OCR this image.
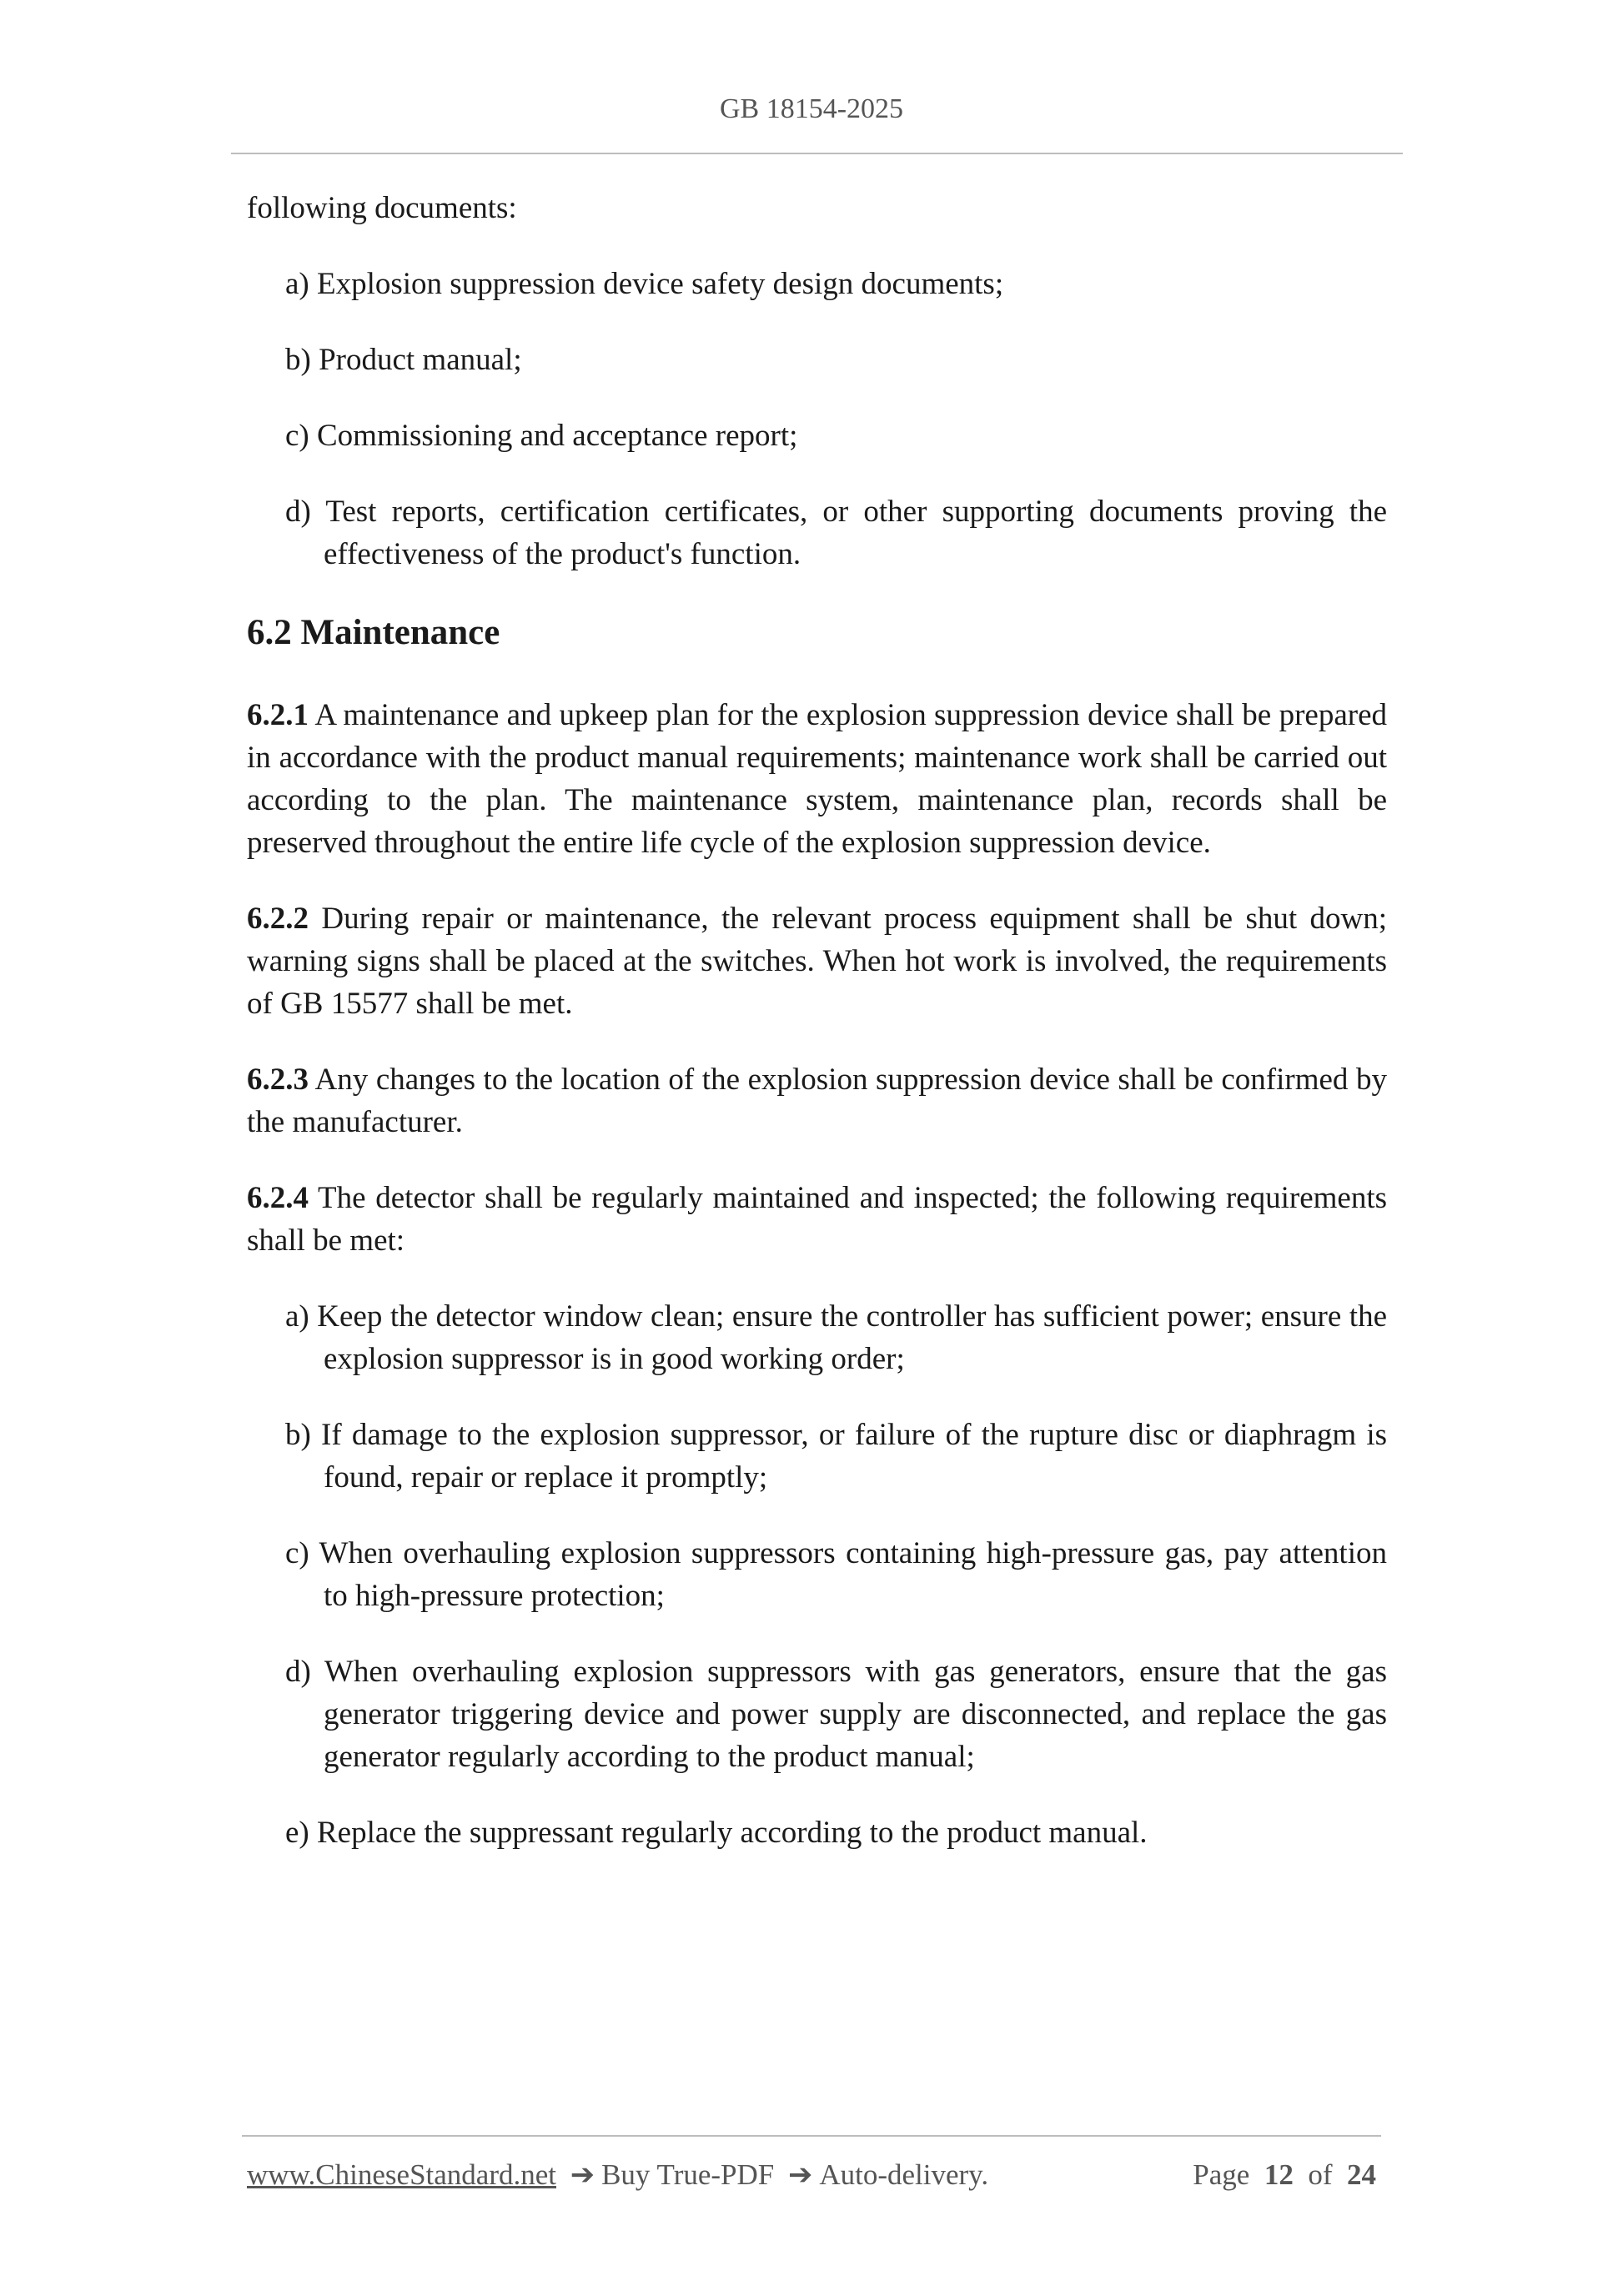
GB 18154-2025

following documents:

a) Explosion suppression device safety design documents;

b) Product manual;

c) Commissioning and acceptance report;

d) Test reports, certification certificates, or other supporting documents proving the effectiveness of the product's function.

6.2 Maintenance

6.2.1 A maintenance and upkeep plan for the explosion suppression device shall be prepared in accordance with the product manual requirements; maintenance work shall be carried out according to the plan. The maintenance system, maintenance plan, records shall be preserved throughout the entire life cycle of the explosion suppression device.

6.2.2 During repair or maintenance, the relevant process equipment shall be shut down; warning signs shall be placed at the switches. When hot work is involved, the requirements of GB 15577 shall be met.

6.2.3 Any changes to the location of the explosion suppression device shall be confirmed by the manufacturer.

6.2.4 The detector shall be regularly maintained and inspected; the following requirements shall be met:

a) Keep the detector window clean; ensure the controller has sufficient power; ensure the explosion suppressor is in good working order;

b) If damage to the explosion suppressor, or failure of the rupture disc or diaphragm is found, repair or replace it promptly;

c) When overhauling explosion suppressors containing high-pressure gas, pay attention to high-pressure protection;

d) When overhauling explosion suppressors with gas generators, ensure that the gas generator triggering device and power supply are disconnected, and replace the gas generator regularly according to the product manual;

e) Replace the suppressant regularly according to the product manual.

www.ChineseStandard.net ➔ Buy True-PDF ➔ Auto-delivery.	Page 12 of 24
